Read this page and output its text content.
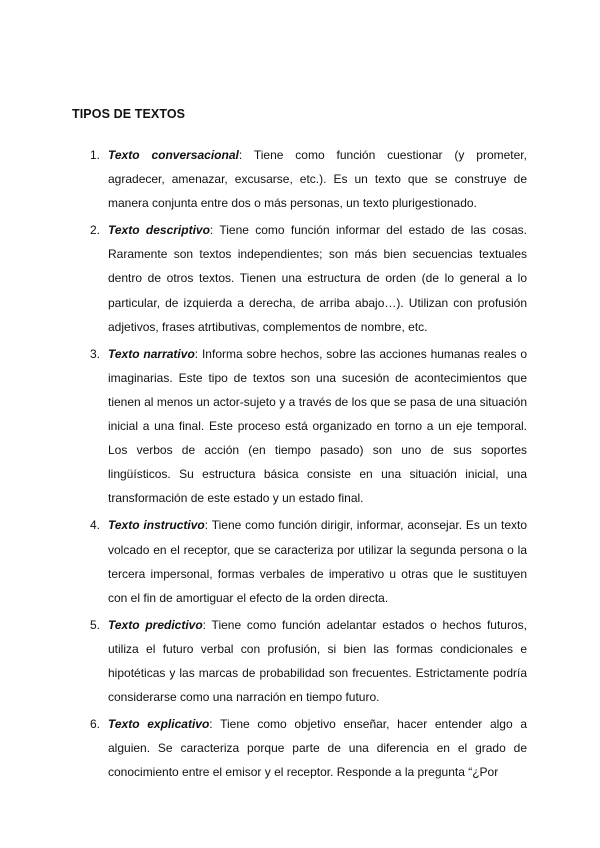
TIPOS DE TEXTOS
1. Texto conversacional: Tiene como función cuestionar (y prometer, agradecer, amenazar, excusarse, etc.). Es un texto que se construye de manera conjunta entre dos o más personas, un texto plurigestionado.
2. Texto descriptivo: Tiene como función informar del estado de las cosas. Raramente son textos independientes; son más bien secuencias textuales dentro de otros textos. Tienen una estructura de orden (de lo general a lo particular, de izquierda a derecha, de arriba abajo…). Utilizan con profusión adjetivos, frases atrtibutivas, complementos de nombre, etc.
3. Texto narrativo: Informa sobre hechos, sobre las acciones humanas reales o imaginarias. Este tipo de textos son una sucesión de acontecimientos que tienen al menos un actor-sujeto y a través de los que se pasa de una situación inicial a una final. Este proceso está organizado en torno a un eje temporal. Los verbos de acción (en tiempo pasado) son uno de sus soportes lingüísticos. Su estructura básica consiste en una situación inicial, una transformación de este estado y un estado final.
4. Texto instructivo: Tiene como función dirigir, informar, aconsejar. Es un texto volcado en el receptor, que se caracteriza por utilizar la segunda persona o la tercera impersonal, formas verbales de imperativo u otras que le sustituyen con el fin de amortiguar el efecto de la orden directa.
5. Texto predictivo: Tiene como función adelantar estados o hechos futuros, utiliza el futuro verbal con profusión, si bien las formas condicionales e hipotéticas y las marcas de probabilidad son frecuentes. Estrictamente podría considerarse como una narración en tiempo futuro.
6. Texto explicativo: Tiene como objetivo enseñar, hacer entender algo a alguien. Se caracteriza porque parte de una diferencia en el grado de conocimiento entre el emisor y el receptor. Responde a la pregunta “¿Por
